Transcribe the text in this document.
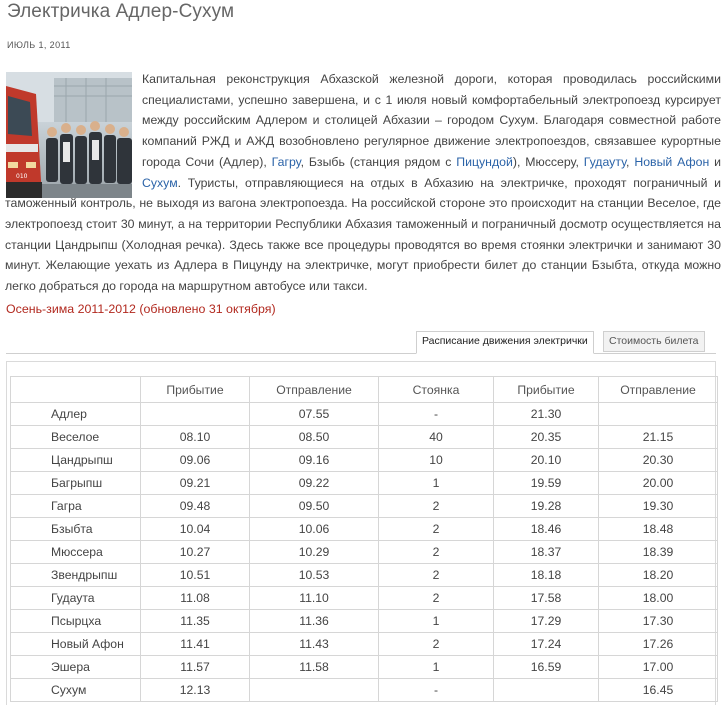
Электричка Адлер-Сухум
ИЮЛЬ 1, 2011
010

Капитальная реконструкция Абхазской железной дороги, которая проводилась российскими специалистами, успешно завершена, и с 1 июля новый комфортабельный электропоезд курсирует между российским Адлером и столицей Абхазии – городом Сухум. Благодаря совместной работе компаний РЖД и АЖД возобновлено регулярное движение электропоездов, связавшее курортные города Сочи (Адлер), Гагру, Бзыбь (станция рядом с Пицундой), Мюссеру, Гудауту, Новый Афон и Сухум. Туристы, отправляющиеся на отдых в Абхазию на электричке, проходят пограничный и таможенный контроль, не выходя из вагона электропоезда. На российской стороне это происходит на станции Веселое, где электропоезд стоит 30 минут, а на территории Республики Абхазия таможенный и пограничный досмотр осуществляется на станции Цандрыпш (Холодная речка). Здесь также все процедуры проводятся во время стоянки электрички и занимают 30 минут. Желающие уехать из Адлера в Пицунду на электричке, могут приобрести билет до станции Бзыбта, откуда можно легко добраться до города на маршрутном автобусе или такси.

Осень-зима 2011-2012 (обновлено 31 октября)
Расписание движения электрички	Стоимость билета
	Прибытие	Отправление	Стоянка	Прибытие	Отправление
Адлер		07.55	-	21.30	
Веселое	08.10	08.50	40	20.35	21.15
Цандрыпш	09.06	09.16	10	20.10	20.30
Багрыпш	09.21	09.22	1	19.59	20.00
Гагра	09.48	09.50	2	19.28	19.30
Бзыбта	10.04	10.06	2	18.46	18.48
Мюссера	10.27	10.29	2	18.37	18.39
Звендрыпш	10.51	10.53	2	18.18	18.20
Гудаута	11.08	11.10	2	17.58	18.00
Псырцха	11.35	11.36	1	17.29	17.30
Новый Афон	11.41	11.43	2	17.24	17.26
Эшера	11.57	11.58	1	16.59	17.00
Сухум	12.13		-		16.45
